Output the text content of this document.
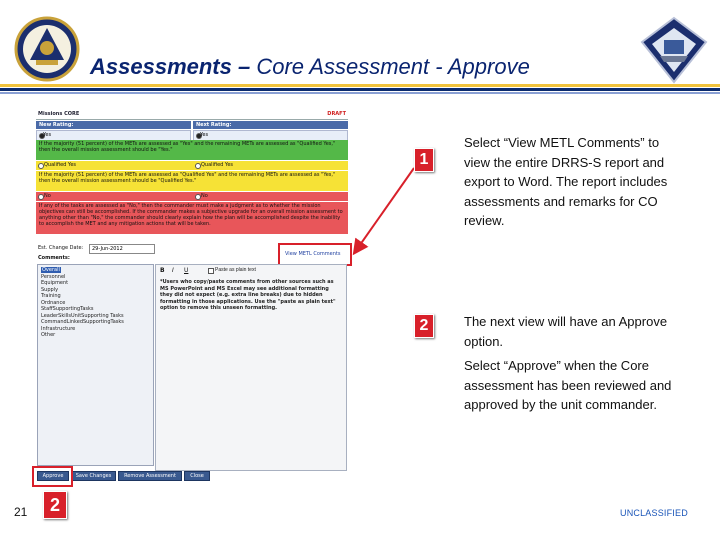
Assessments – Core Assessment - Approve
Missions CORE	DRAFT
New Rating:	Next Rating:
Yes	Yes
If the majority (51 percent) of the METs are assessed as "Yes" and the remaining METs are assessed as "Qualified Yes," then the overall mission assessment should be "Yes."
Qualified Yes	Qualified Yes
If the majority (51 percent) of the METs are assessed as "Qualified Yes" and the remaining METs are assessed as "Yes," then the overall mission assessment should be "Qualified Yes."
No	No
If any of the tasks are assessed as "No," then the commander must make a judgment as to whether the mission objectives can still be accomplished. If the commander makes a subjective upgrade for an overall mission assessment to anything other than "No," the commander should clearly explain how the plan will be accomplished despite the inability to accomplish the MET and any mitigation actions that will be taken.
Est. Change Date: 29-Jun-2012
View METL Comments
Comments:
Overall
Personnel
Equipment
Supply
Training
Ordnance
StaffSupportingTasks
LeaderSkillsUnitSupporting Tasks
CommandLinkedSupportingTasks
Infrastructure
Other
B I U	Paste as plain text
*Users who copy/paste comments from other sources such as MS PowerPoint and MS Excel may see additional formatting they did not expect (e.g. extra line breaks) due to hidden formatting in those applications. Use the "paste as plain text" option to remove this unseen formatting.
Approve	Save Changes	Remove Assessment	Close
1
2
2
Select “View METL Comments” to view the entire DRRS-S report and export to Word. The report includes assessments and remarks for CO review.
The next view will have an Approve option.
Select “Approve” when the Core assessment has been reviewed and approved by the unit commander.
21	UNCLASSIFIED
